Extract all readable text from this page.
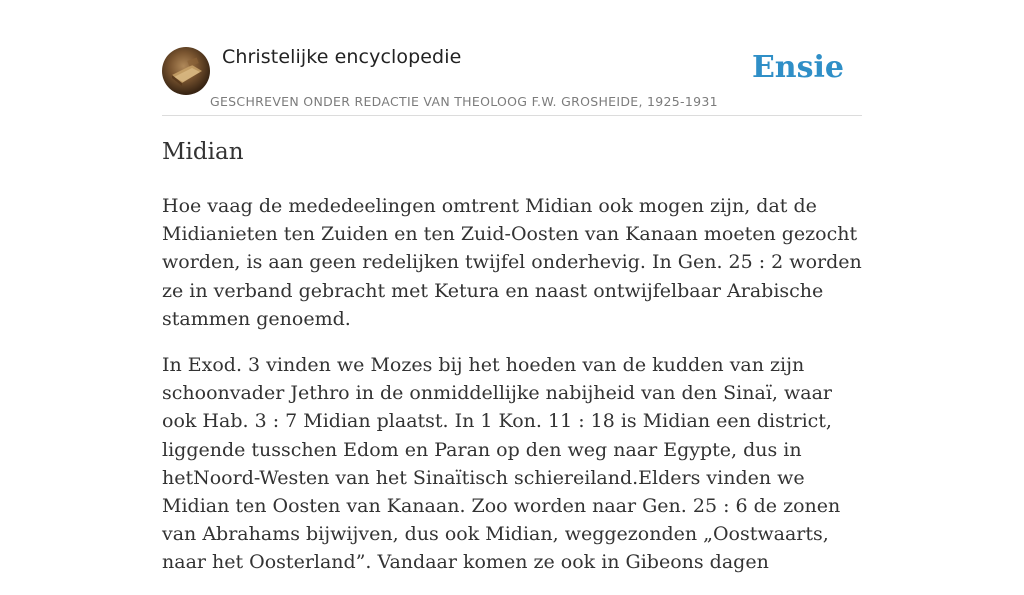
Christelijke encyclopedie
GESCHREVEN ONDER REDACTIE VAN THEOLOOG F.W. GROSHEIDE, 1925-1931
Ensie
Midian

Hoe vaag de mededeelingen omtrent Midian ook mogen zijn, dat de Midianieten ten Zuiden en ten Zuid-Oosten van Kanaan moeten gezocht worden, is aan geen redelijken twijfel onderhevig. In Gen. 25 : 2 worden ze in verband gebracht met Ketura en naast ontwijfelbaar Arabische stammen genoemd.

In Exod. 3 vinden we Mozes bij het hoeden van de kudden van zijn schoonvader Jethro in de onmiddellijke nabijheid van den Sinaï, waar ook Hab. 3 : 7 Midian plaatst. In 1 Kon. 11 : 18 is Midian een district, liggende tusschen Edom en Paran op den weg naar Egypte, dus in hetNoord-Westen van het Sinaïtisch schiereiland.Elders vinden we Midian ten Oosten van Kanaan. Zoo worden naar Gen. 25 : 6 de zonen van Abrahams bijwijven, dus ook Midian, weggezonden „Oostwaarts, naar het Oosterland”. Vandaar komen ze ook in Gibeons dagen
